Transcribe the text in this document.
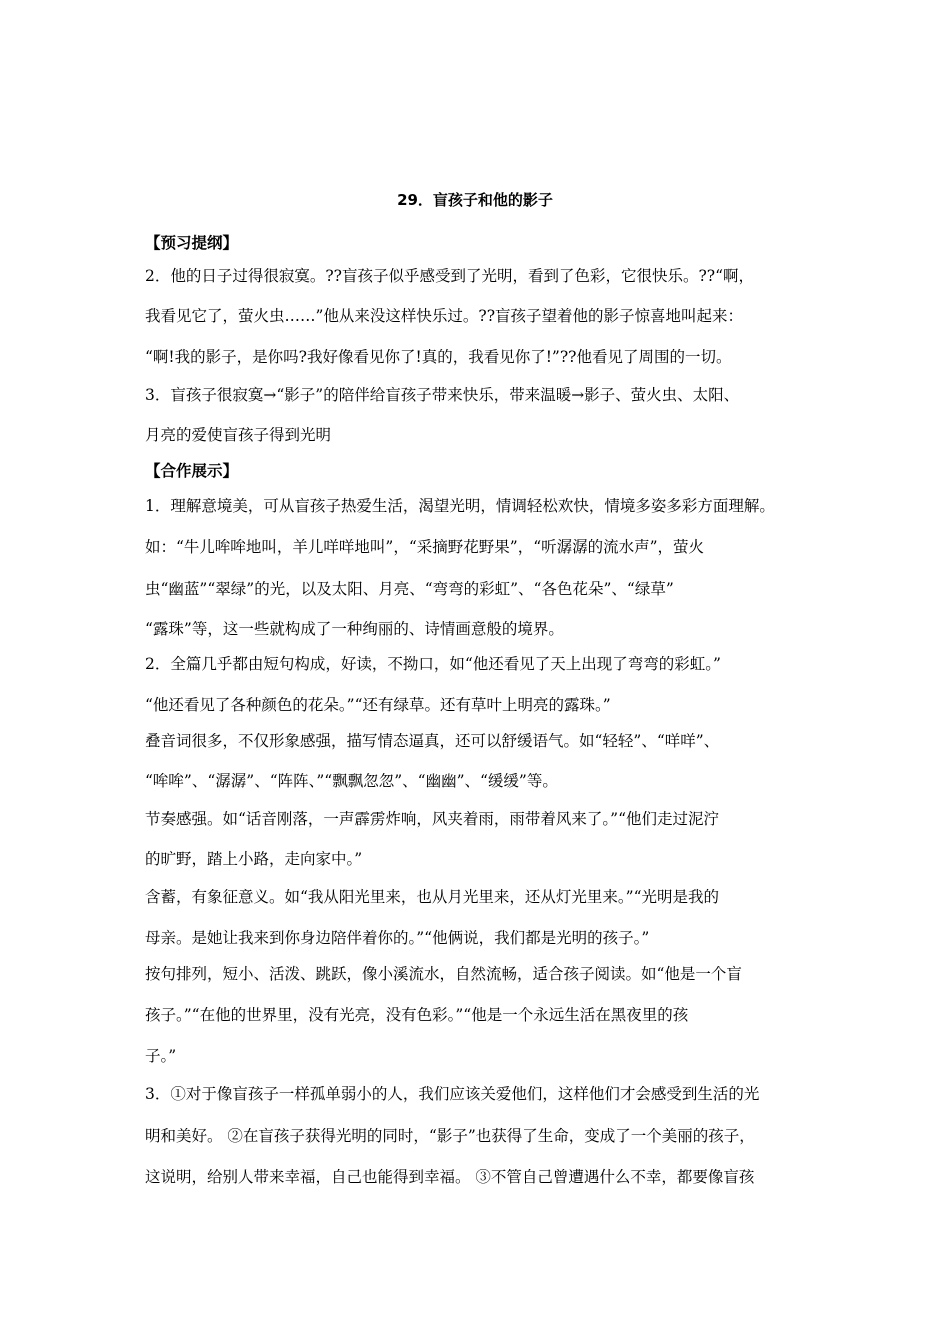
29．盲孩子和他的影子
【预习提纲】
2．他的日子过得很寂寞。??盲孩子似乎感受到了光明，看到了色彩，它很快乐。??“啊，
我看见它了，萤火虫……”他从来没这样快乐过。??盲孩子望着他的影子惊喜地叫起来：
“啊!我的影子，是你吗?我好像看见你了!真的，我看见你了!”??他看见了周围的一切。
3．盲孩子很寂寞→“影子”的陪伴给盲孩子带来快乐，带来温暖→影子、萤火虫、太阳、
月亮的爱使盲孩子得到光明
【合作展示】
1．理解意境美，可从盲孩子热爱生活，渴望光明，情调轻松欢快，情境多姿多彩方面理解。
如：“牛儿哞哞地叫，羊儿咩咩地叫”，“采摘野花野果”，“听潺潺的流水声”，萤火
虫“幽蓝”“翠绿”的光，以及太阳、月亮、“弯弯的彩虹”、“各色花朵”、“绿草”
“露珠”等，这一些就构成了一种绚丽的、诗情画意般的境界。
2．全篇几乎都由短句构成，好读，不拗口，如“他还看见了天上出现了弯弯的彩虹。”
“他还看见了各种颜色的花朵。”“还有绿草。还有草叶上明亮的露珠。”
叠音词很多，不仅形象感强，描写情态逼真，还可以舒缓语气。如“轻轻”、“咩咩”、
“哞哞”、“潺潺”、“阵阵、”“飘飘忽忽”、“幽幽”、“缓缓”等。
节奏感强。如“话音刚落，一声霹雳炸响，风夹着雨，雨带着风来了。”“他们走过泥泞
的旷野，踏上小路，走向家中。”
含蓄，有象征意义。如“我从阳光里来，也从月光里来，还从灯光里来。”“光明是我的
母亲。是她让我来到你身边陪伴着你的。”“他俩说，我们都是光明的孩子。”
按句排列，短小、活泼、跳跃，像小溪流水，自然流畅，适合孩子阅读。如“他是一个盲
孩子。”“在他的世界里，没有光亮，没有色彩。”“他是一个永远生活在黑夜里的孩
子。”
3．①对于像盲孩子一样孤单弱小的人，我们应该关爱他们，这样他们才会感受到生活的光
明和美好。 ②在盲孩子获得光明的同时，“影子”也获得了生命，变成了一个美丽的孩子，
这说明，给别人带来幸福，自己也能得到幸福。 ③不管自己曾遭遇什么不幸，都要像盲孩
